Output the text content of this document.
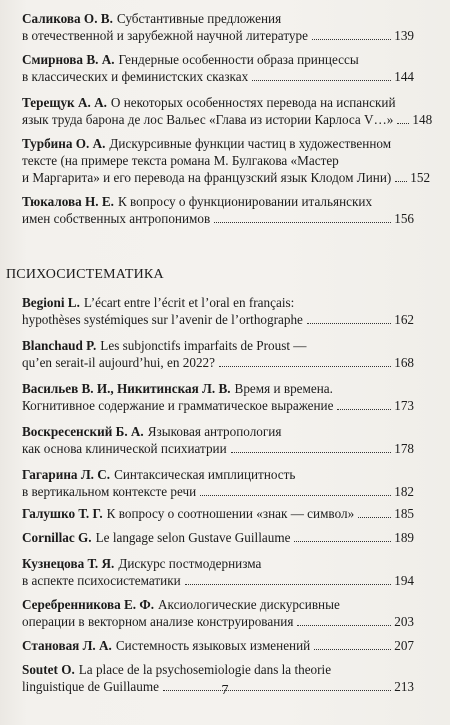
Саликова О. В. Субстантивные предложения
в отечественной и зарубежной научной литературе	139
Смирнова В. А. Гендерные особенности образа принцессы
в классических и феминистских сказках	144
Терещук А. А. О некоторых особенностях перевода на испанский
язык труда барона де лос Вальес «Глава из истории Карлоса V…» 148
Турбина О. А. Дискурсивные функции частиц в художественном
тексте (на примере текста романа М. Булгакова «Мастер
и Маргарита» и его перевода на французский язык Клодом Лини) 152
Тюкалова Н. Е. К вопросу о функционировании итальянских
имен собственных антропонимов	156
ПСИХОСИСТЕМАТИКА
Begioni L. L’écart entre l’écrit et l’oral en français:
hypothèses systémiques sur l’avenir de l’orthographe	162
Blanchaud P. Les subjonctifs imparfaits de Proust —
qu’en serait-il aujourd’hui, en 2022?	168
Васильев В. И., Никитинская Л. В. Время и времена.
Когнитивное содержание и грамматическое выражение	173
Воскресенский Б. А. Языковая антропология
как основа клинической психиатрии	178
Гагарина Л. С. Синтаксическая имплицитность
в вертикальном контексте речи	182
Галушко Т. Г. К вопросу о соотношении «знак — символ»	185
Cornillac G. Le langage selon Gustave Guillaume	189
Кузнецова Т. Я. Дискурс постмодернизма
в аспекте психосистематики	194
Серебренникова Е. Ф. Аксиологические дискурсивные
операции в векторном анализе конструирования	203
Становая Л. А. Системность языковых изменений	207
Soutet O. La place de la psychosemiologie dans la theorie
linguistique de Guillaume	213
7
